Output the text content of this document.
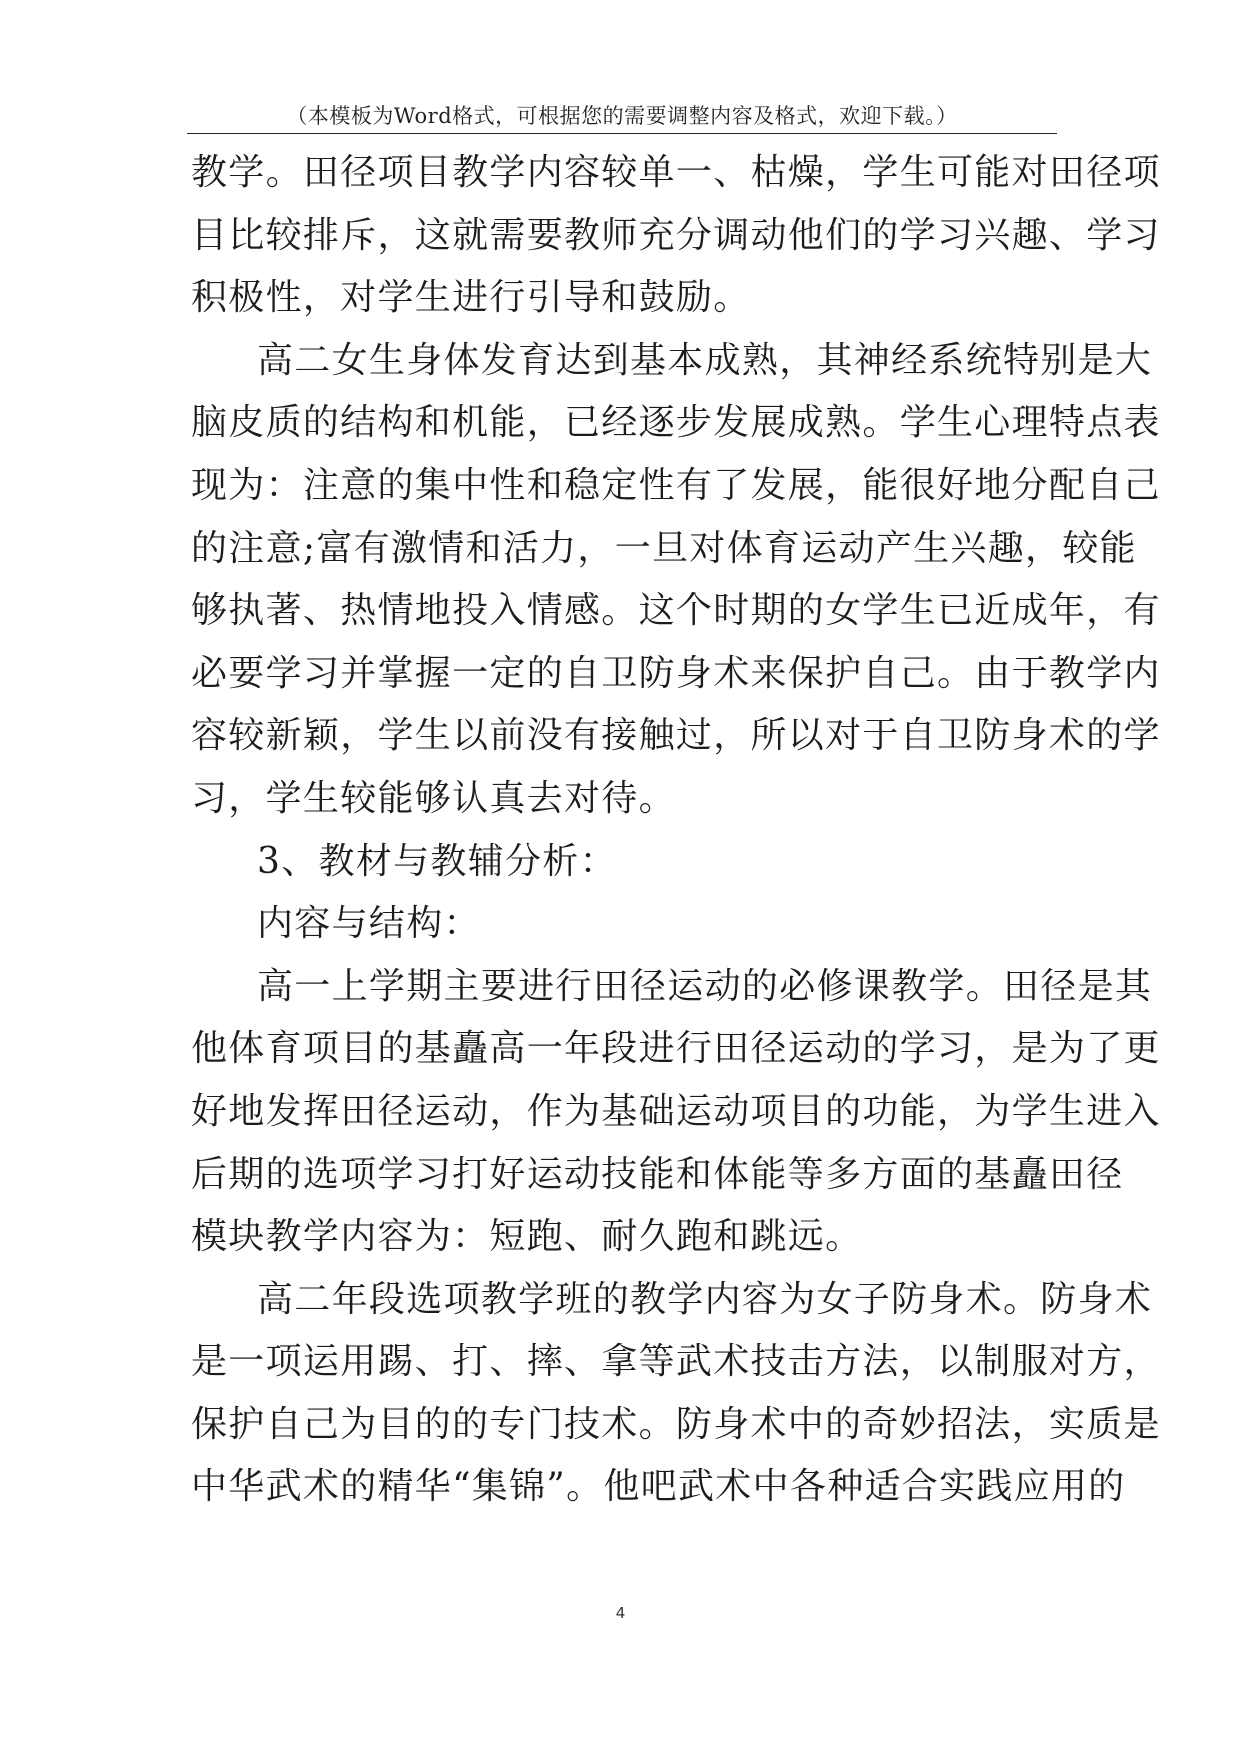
（本模板为Word格式，可根据您的需要调整内容及格式，欢迎下载。）
教学。田径项目教学内容较单一、枯燥，学生可能对田径项
目比较排斥，这就需要教师充分调动他们的学习兴趣、学习
积极性，对学生进行引导和鼓励。
高二女生身体发育达到基本成熟，其神经系统特别是大
脑皮质的结构和机能，已经逐步发展成熟。学生心理特点表
现为：注意的集中性和稳定性有了发展，能很好地分配自己
的注意;富有激情和活力，一旦对体育运动产生兴趣，较能
够执著、热情地投入情感。这个时期的女学生已近成年，有
必要学习并掌握一定的自卫防身术来保护自己。由于教学内
容较新颖，学生以前没有接触过，所以对于自卫防身术的学
习，学生较能够认真去对待。
3、教材与教辅分析：
内容与结构：
高一上学期主要进行田径运动的必修课教学。田径是其
他体育项目的基矗高一年段进行田径运动的学习，是为了更
好地发挥田径运动，作为基础运动项目的功能，为学生进入
后期的选项学习打好运动技能和体能等多方面的基矗田径
模块教学内容为：短跑、耐久跑和跳远。
高二年段选项教学班的教学内容为女子防身术。防身术
是一项运用踢、打、摔、拿等武术技击方法，以制服对方，
保护自己为目的的专门技术。防身术中的奇妙招法，实质是
中华武术的精华“集锦”。他吧武术中各种适合实践应用的
4
